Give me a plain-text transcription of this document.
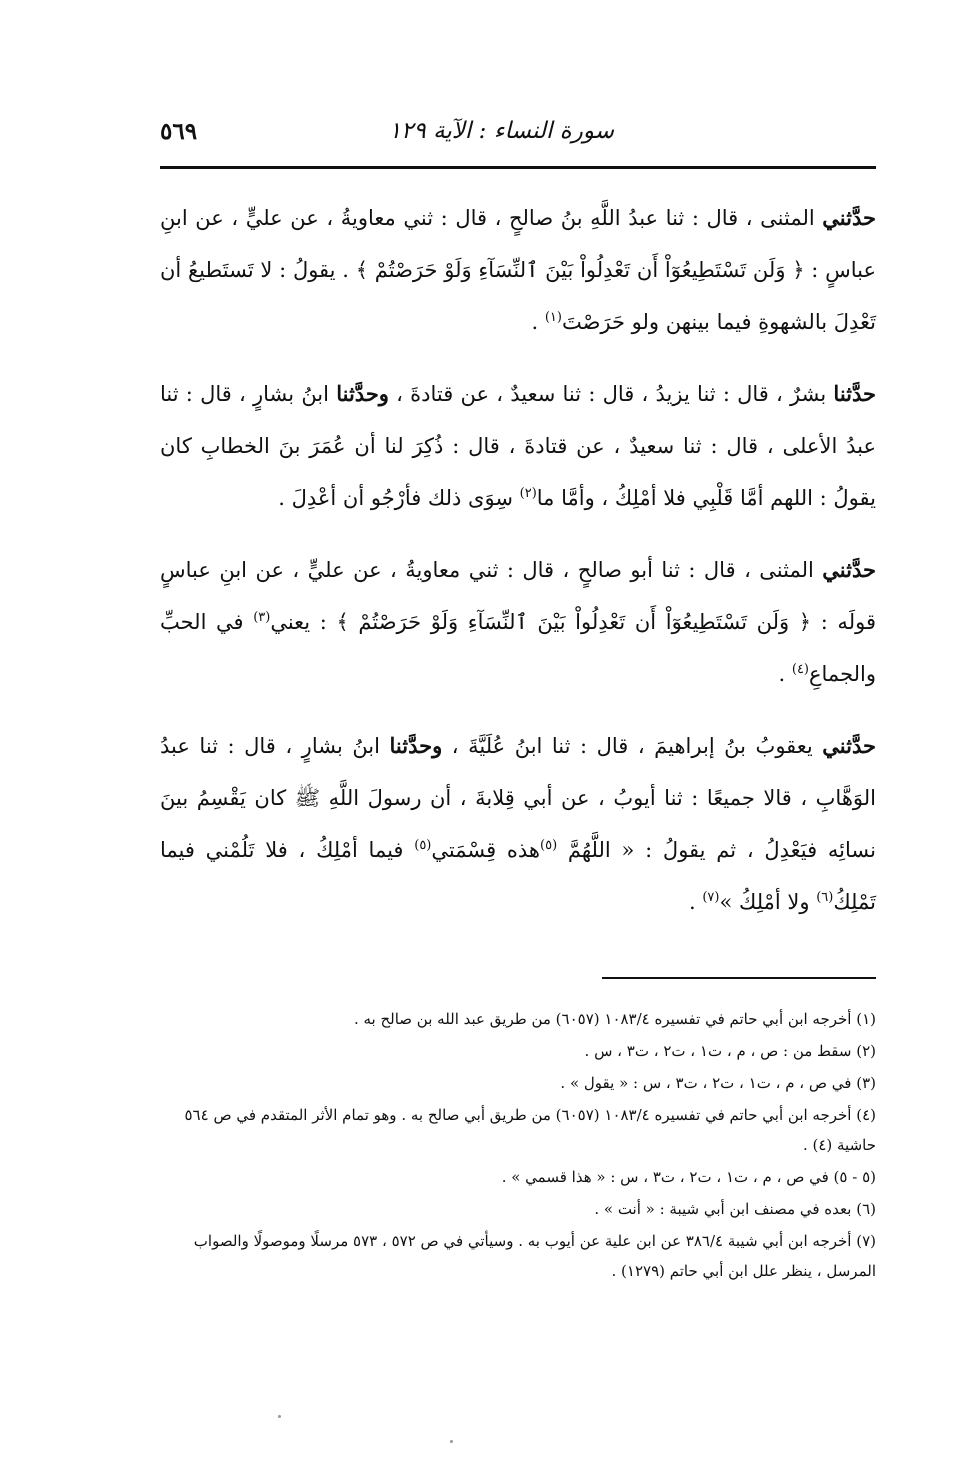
سورة النساء : الآية ١٢٩
٥٦٩

حدَّثني المثنى ، قال : ثنا عبدُ اللَّهِ بنُ صالحٍ ، قال : ثني معاويةُ ، عن عليٍّ ، عن ابنِ عباسٍ : ﴿ وَلَن تَسْتَطِيعُوٓاْ أَن تَعْدِلُواْ بَيْنَ ٱلنِّسَآءِ وَلَوْ حَرَصْتُمْ ﴾ . يقولُ : لا تَستَطيعُ أن تَعْدِلَ بالشهوةِ فيما بينهن ولو حَرَصْتَ$^{(١)}$ .

حدَّثنا بشرٌ ، قال : ثنا يزيدُ ، قال : ثنا سعيدٌ ، عن قتادةَ ، وحدَّثنا ابنُ بشارٍ ، قال : ثنا عبدُ الأعلى ، قال : ثنا سعيدٌ ، عن قتادةَ ، قال : ذُكِرَ لنا أن عُمَرَ بنَ الخطابِ كان يقولُ : اللهم أمَّا قَلْبِي فلا أمْلِكُ ، وأمَّا ما$^{(٢)}$ سِوَى ذلك فأرْجُو أن أعْدِلَ .

حدَّثني المثنى ، قال : ثنا أبو صالحٍ ، قال : ثني معاويةُ ، عن عليٍّ ، عن ابنِ عباسٍ قولَه : ﴿ وَلَن تَسْتَطِيعُوٓاْ أَن تَعْدِلُواْ بَيْنَ ٱلنِّسَآءِ وَلَوْ حَرَصْتُمْ ﴾ : يعني$^{(٣)}$ في الحبِّ والجماعِ$^{(٤)}$ .

حدَّثني يعقوبُ بنُ إبراهيمَ ، قال : ثنا ابنُ عُلَيَّةَ ، وحدَّثنا ابنُ بشارٍ ، قال : ثنا عبدُ الوَهَّابِ ، قالا جميعًا : ثنا أيوبُ ، عن أبي قِلابةَ ، أن رسولَ اللَّهِ ﷺ كان يَقْسِمُ بينَ نسائِه فيَعْدِلُ ، ثم يقولُ : « اللَّهُمَّ $^{(٥)}$هذه قِسْمَتي$^{(٥)}$ فيما أمْلِكُ ، فلا تَلُمْني فيما تَمْلِكُ$^{(٦)}$ ولا أمْلِكُ »$^{(٧)}$ .

(١) أخرجه ابن أبي حاتم في تفسيره ١٠٨٣/٤ (٦٠٥٧) من طريق عبد الله بن صالح به .
(٢) سقط من : ص ، م ، ت١ ، ت٢ ، ت٣ ، س .
(٣) في ص ، م ، ت١ ، ت٢ ، ت٣ ، س : « يقول » .
(٤) أخرجه ابن أبي حاتم في تفسيره ١٠٨٣/٤ (٦٠٥٧) من طريق أبي صالح به . وهو تمام الأثر المتقدم في ص ٥٦٤ حاشية (٤) .
(٥ - ٥) في ص ، م ، ت١ ، ت٢ ، ت٣ ، س : « هذا قسمي » .
(٦) بعده في مصنف ابن أبي شيبة : « أنت » .
(٧) أخرجه ابن أبي شيبة ٣٨٦/٤ عن ابن علية عن أيوب به . وسيأتي في ص ٥٧٢ ، ٥٧٣ مرسلًا وموصولًا والصواب المرسل ، ينظر علل ابن أبي حاتم (١٢٧٩) .
